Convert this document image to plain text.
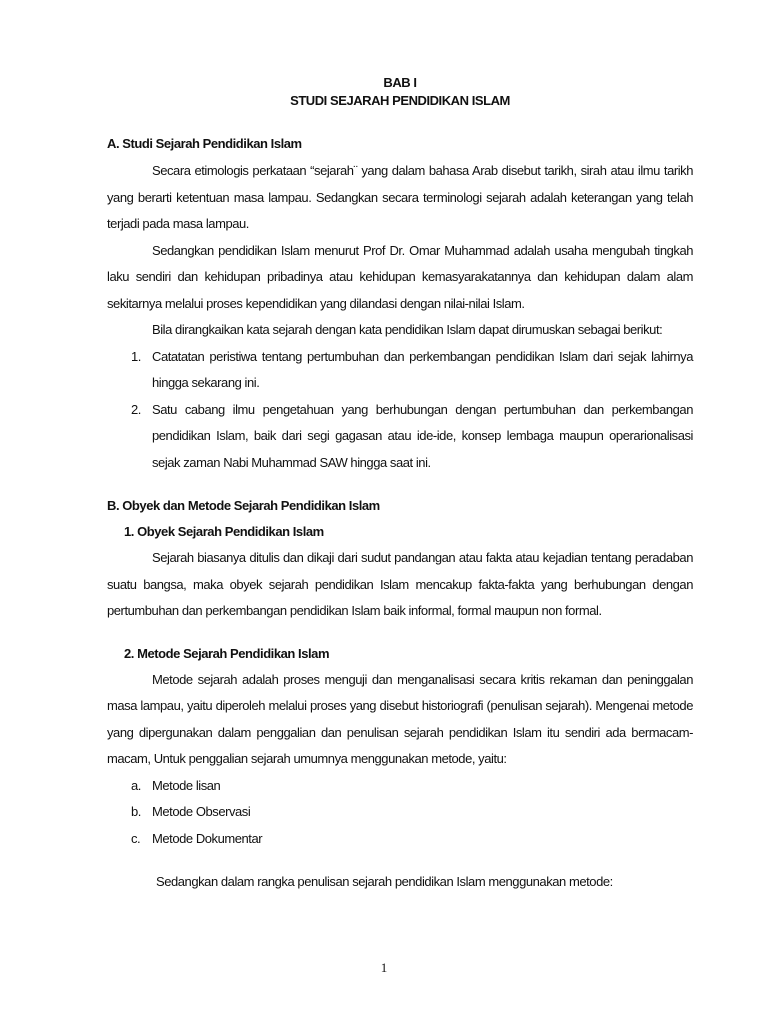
BAB I
STUDI SEJARAH PENDIDIKAN ISLAM
A. Studi Sejarah Pendidikan Islam

Secara etimologis perkataan “sejarah¨ yang dalam bahasa Arab disebut tarikh, sirah atau ilmu tarikh yang berarti ketentuan masa lampau. Sedangkan secara terminologi sejarah adalah keterangan yang telah terjadi pada masa lampau.

Sedangkan pendidikan Islam menurut Prof Dr. Omar Muhammad adalah usaha mengubah tingkah laku sendiri dan kehidupan pribadinya atau kehidupan kemasyarakatannya dan kehidupan dalam alam sekitarnya melalui proses kependidikan yang dilandasi dengan nilai-nilai Islam.

Bila dirangkaikan kata sejarah dengan kata pendidikan Islam dapat dirumuskan sebagai berikut:

1. Catatatan peristiwa tentang pertumbuhan dan perkembangan pendidikan Islam dari sejak lahirnya hingga sekarang ini.
2. Satu cabang ilmu pengetahuan yang berhubungan dengan pertumbuhan dan perkembangan pendidikan Islam, baik dari segi gagasan atau ide-ide, konsep lembaga maupun operarionalisasi sejak zaman Nabi Muhammad SAW hingga saat ini.
B. Obyek dan Metode Sejarah Pendidikan Islam
1. Obyek Sejarah Pendidikan Islam

Sejarah biasanya ditulis dan dikaji dari sudut pandangan atau fakta atau kejadian tentang peradaban suatu bangsa, maka obyek sejarah pendidikan Islam mencakup fakta-fakta yang berhubungan dengan pertumbuhan dan perkembangan pendidikan Islam baik informal, formal maupun non formal.

2. Metode Sejarah Pendidikan Islam

Metode sejarah adalah proses menguji dan menganalisasi secara kritis rekaman dan peninggalan masa lampau, yaitu diperoleh melalui proses yang disebut historiografi (penulisan sejarah). Mengenai metode yang dipergunakan dalam penggalian dan penulisan sejarah pendidikan Islam itu sendiri ada bermacam-macam, Untuk penggalian sejarah umumnya menggunakan metode, yaitu:

a. Metode lisan
b. Metode Observasi
c. Metode Dokumentar

Sedangkan dalam rangka penulisan sejarah pendidikan Islam menggunakan metode:

1
